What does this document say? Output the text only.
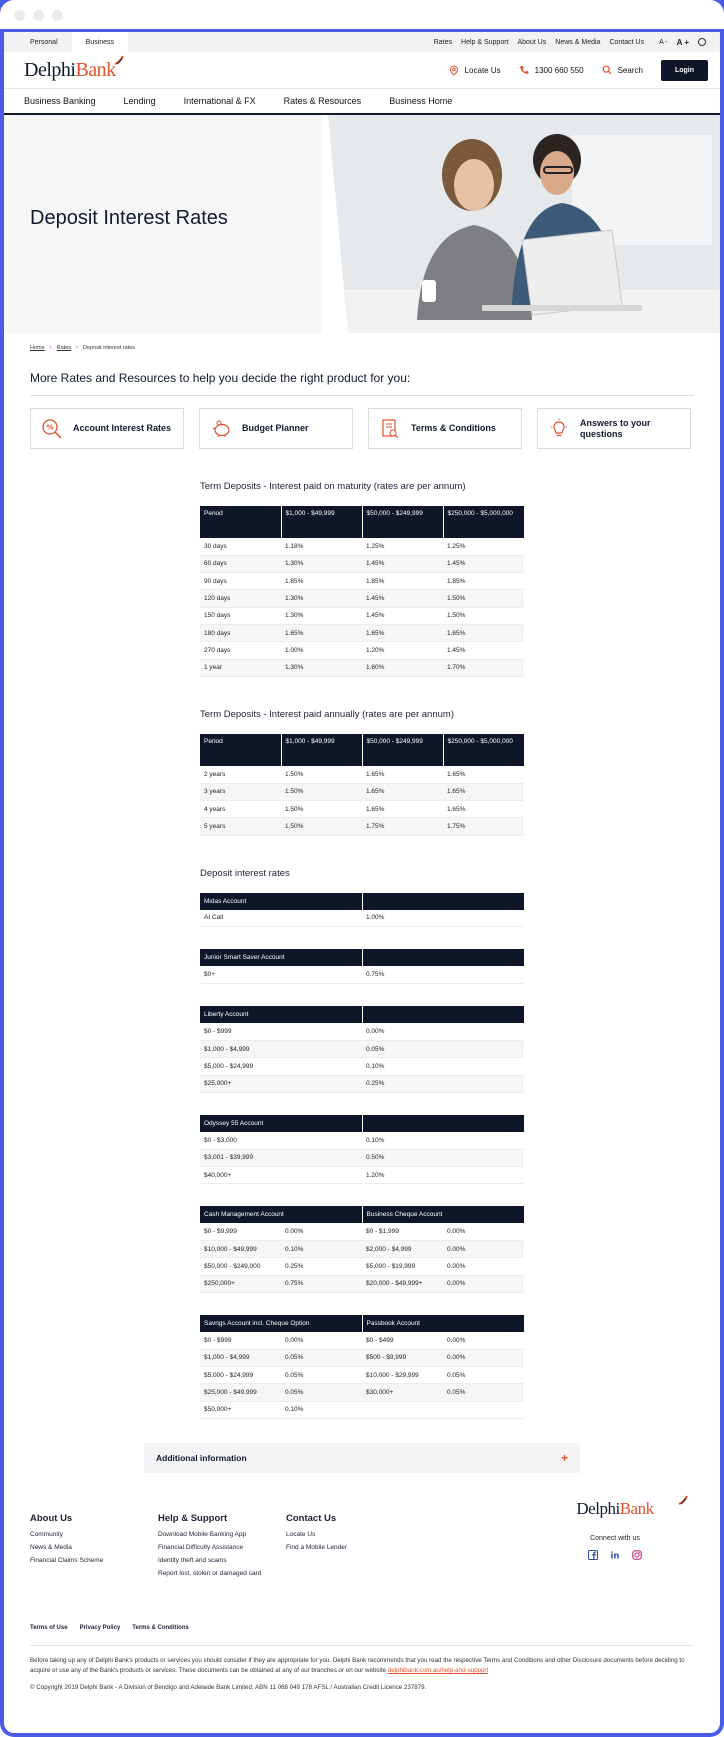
Personal	Business	Rates Help & Support About Us News & Media Contact Us A - A +
DelphiBank	Locate Us	1300 660 550	Search	Login
Business Banking	Lending	International & FX	Rates & Resources	Business Home
Deposit Interest Rates
Home › Rates › Deposit interest rates
More Rates and Resources to help you decide the right product for you:
% Account Interest Rates	Budget Planner	Terms & Conditions
Answers to your questions
Term Deposits - Interest paid on maturity (rates are per annum)
Period	$1,000 - $49,999	$50,000 - $249,999	$250,000 - $5,000,000
30 days	1.18%	1.25%	1.25%
60 days	1.30%	1.45%	1.45%
90 days	1.85%	1.85%	1.85%
120 days	1.30%	1.45%	1.50%
150 days	1.30%	1.45%	1.50%
180 days	1.65%	1.65%	1.65%
270 days	1.00%	1.20%	1.45%
1 year	1.30%	1.60%	1.70%
Term Deposits - Interest paid annually (rates are per annum)
Period	$1,000 - $49,999	$50,000 - $249,999	$250,000 - $5,000,000
2 years	1.50%	1.65%	1.65%
3 years	1.50%	1.65%	1.65%
4 years	1.50%	1.65%	1.65%
5 years	1.50%	1.75%	1.75%
Deposit interest rates
Midas Account	
At Call	1.00%
Junior Smart Saver Account	
$0+	0.75%
Liberty Account	
$0 - $999	0.00%
$1,000 - $4,999	0.05%
$5,000 - $24,999	0.10%
$25,000+	0.25%
Odyssey 55 Account	
$0 - $3,000	0.10%
$3,001 - $39,999	0.50%
$40,000+	1.20%
Cash Management Account		Business Cheque Account	
$0 - $9,999	0.00%	$0 - $1,999	0.00%
$10,000 - $49,999	0.10%	$2,000 - $4,999	0.00%
$50,000 - $249,000	0.25%	$5,000 - $19,999	0.00%
$250,000+	0.75%	$20,000 - $49,999+	0.00%
Savngs Account incl. Cheque Option		Passbook Account	
$0 - $999	0.00%	$0 - $499	0.00%
$1,000 - $4,999	0.05%	$500 - $9,999	0.00%
$5,000 - $24,999	0.05%	$10,000 - $29,999	0.05%
$25,000 - $49,999	0.05%	$30,000+	0.05%
$50,000+	0.10%		
Additional information	+
About Us
Community
News & Media
Financial Claims Scheme
Help & Support
Download Mobile Banking App
Financial Difficulty Assistance
Identity theft and scams
Report lost, stolen or damaged card
Contact Us
Locate Us
Find a Mobile Lender
DelphiBank
Connect with us
in
Terms of Use Privacy Policy Terms & Conditions
Before taking up any of Delphi Bank's products or services you should consider if they are appropriate for you. Delphi Bank recommends that you read the respective Terms and Conditions and other Disclosure documents before deciding to acquire or use any of the Bank's products or services. These documents can be obtained at any of our branches or on our website delphibank.com.au/help-and-support
© Copyright 2019 Delphi Bank - A Division of Bendigo and Adelaide Bank Limited, ABN 11 068 049 178 AFSL / Australian Credit Licence 237879.
